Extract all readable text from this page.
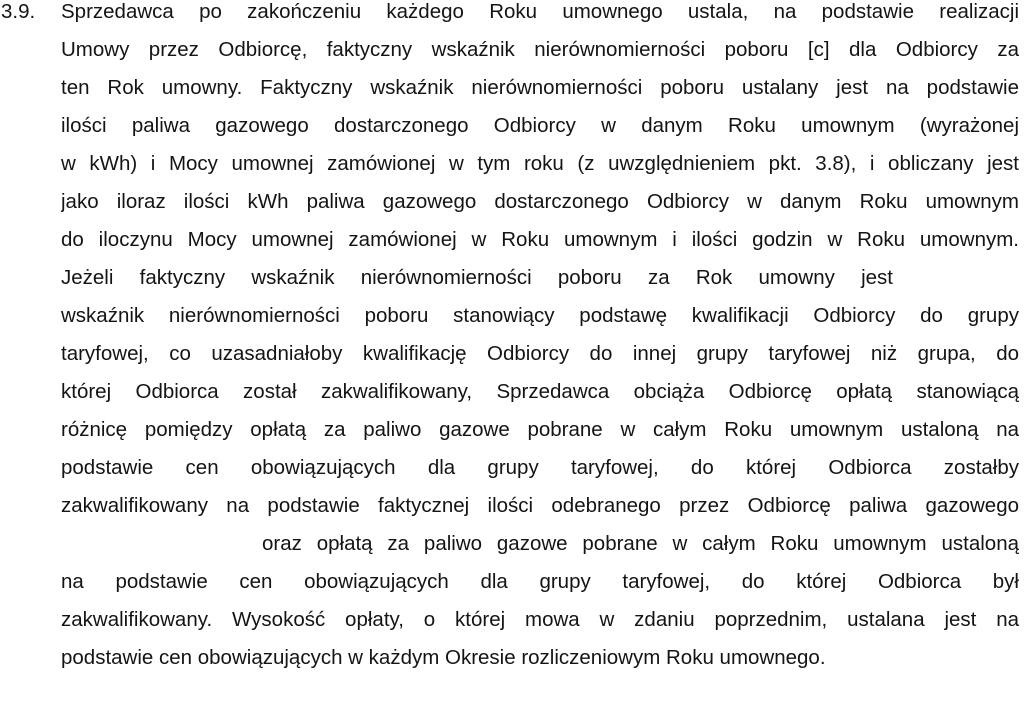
3.9. Sprzedawca po zakończeniu każdego Roku umownego ustala, na podstawie realizacji
Umowy przez Odbiorcę, faktyczny wskaźnik nierównomierności poboru [c] dla Odbiorcy za
ten Rok umowny. Faktyczny wskaźnik nierównomierności poboru ustalany jest na podstawie
ilości paliwa gazowego dostarczonego Odbiorcy w danym Roku umownym (wyrażonej
w kWh) i Mocy umownej zamówionej w tym roku (z uwzględnieniem pkt. 3.8), i obliczany jest
jako iloraz ilości kWh paliwa gazowego dostarczonego Odbiorcy w danym Roku umownym
do iloczynu Mocy umownej zamówionej w Roku umownym i ilości godzin w Roku umownym.
Jeżeli faktyczny wskaźnik nierównomierności poboru za Rok umowny jest
wskaźnik nierównomierności poboru stanowiący podstawę kwalifikacji Odbiorcy do grupy
taryfowej, co uzasadniałoby kwalifikację Odbiorcy do innej grupy taryfowej niż grupa, do
której Odbiorca został zakwalifikowany, Sprzedawca obciąża Odbiorcę opłatą stanowiącą
różnicę pomiędzy opłatą za paliwo gazowe pobrane w całym Roku umownym ustaloną na
podstawie cen obowiązujących dla grupy taryfowej, do której Odbiorca zostałby
zakwalifikowany na podstawie faktycznej ilości odebranego przez Odbiorcę paliwa gazowego
oraz opłatą za paliwo gazowe pobrane w całym Roku umownym ustaloną
na podstawie cen obowiązujących dla grupy taryfowej, do której Odbiorca był
zakwalifikowany. Wysokość opłaty, o której mowa w zdaniu poprzednim, ustalana jest na
podstawie cen obowiązujących w każdym Okresie rozliczeniowym Roku umownego.
